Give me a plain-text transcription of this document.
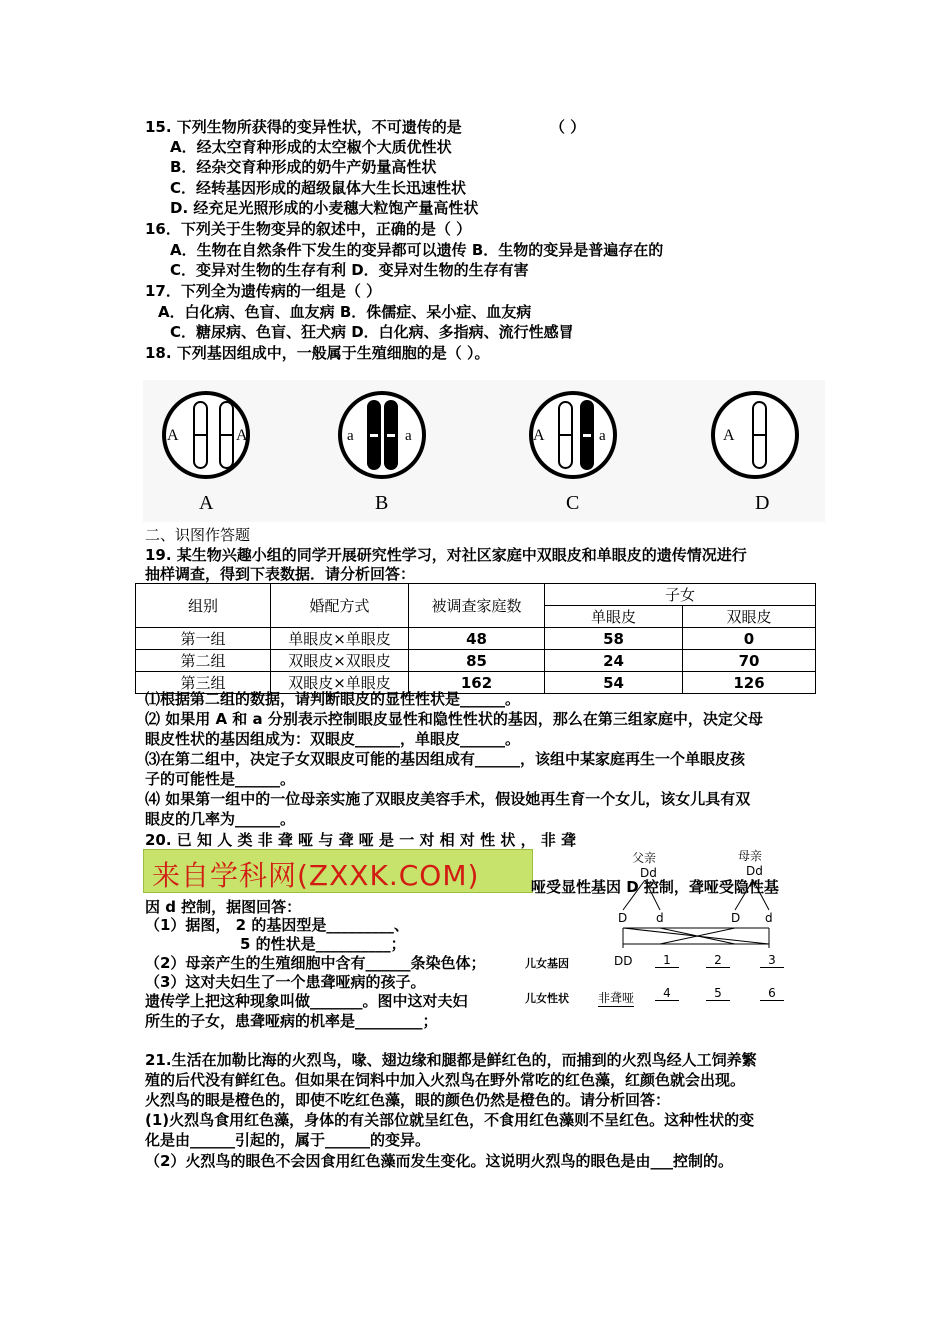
15. 下列生物所获得的变异性状，不可遗传的是	（ ）
A．经太空育种形成的太空椒个大质优性状
B．经杂交育种形成的奶牛产奶量高性状
C．经转基因形成的超级鼠体大生长迅速性状
D. 经充足光照形成的小麦穗大粒饱产量高性状
16．下列关于生物变异的叙述中，正确的是（ ）
A．生物在自然条件下发生的变异都可以遗传 B．生物的变异是普遍存在的
C．变异对生物的生存有利 D．变异对生物的生存有害
17．下列全为遗传病的一组是（ ）
A．白化病、色盲、血友病 B．侏儒症、呆小症、血友病
C．糖尿病、色盲、狂犬病 D．白化病、多指病、流行性感冒
18. 下列基因组成中，一般属于生殖细胞的是（ ）。
A	A
A
a	a
B
A	a
C
A
D
二、识图作答题
19. 某生物兴趣小组的同学开展研究性学习，对社区家庭中双眼皮和单眼皮的遗传情况进行
抽样调查，得到下表数据．请分析回答：
组别	婚配方式	被调查家庭数	子女	
			单眼皮	双眼皮
第一组	单眼皮×单眼皮	48	58	0
第二组	双眼皮×双眼皮	85	24	70
第三组	双眼皮×单眼皮	162	54	126
⑴根据第二组的数据，请判断眼皮的显性性状是______。
⑵ 如果用 A 和 a 分别表示控制眼皮显性和隐性性状的基因，那么在第三组家庭中，决定父母
眼皮性状的基因组成为：双眼皮______，单眼皮______。
⑶在第二组中，决定子女双眼皮可能的基因组成有______，该组中某家庭再生一个单眼皮孩
子的可能性是______。
⑷ 如果第一组中的一位母亲实施了双眼皮美容手术，假设她再生育一个女儿，该女儿具有双
眼皮的几率为______。
20. 已 知 人 类 非 聋 哑 与 聋 哑 是 一 对 相 对 性 状 ， 非 聋
来自学科网(ZXXK.COM)	哑受显性基因 D 控制，聋哑受隐性基
因 d 控制，据图回答：
（1）据图， 2 的基因型是_________、
5 的性状是__________；
（2）母亲产生的生殖细胞中含有______条染色体；
（3）这对夫妇生了一个患聋哑病的孩子。
遗传学上把这种现象叫做_______。图中这对夫妇
所生的子女，患聋哑病的机率是_________；
父亲	母亲
Dd	Dd
D d	D d
儿女基因	DD	1	2	3
儿女性状 非聋哑	4	5	6
21.生活在加勒比海的火烈鸟，喙、翅边缘和腿都是鲜红色的，而捕到的火烈鸟经人工饲养繁
殖的后代没有鲜红色。但如果在饲料中加入火烈鸟在野外常吃的红色藻，红颜色就会出现。
火烈鸟的眼是橙色的，即使不吃红色藻，眼的颜色仍然是橙色的。请分析回答：
(1)火烈鸟食用红色藻，身体的有关部位就呈红色，不食用红色藻则不呈红色。这种性状的变
化是由______引起的，属于______的变异。
（2）火烈鸟的眼色不会因食用红色藻而发生变化。这说明火烈鸟的眼色是由___控制的。
